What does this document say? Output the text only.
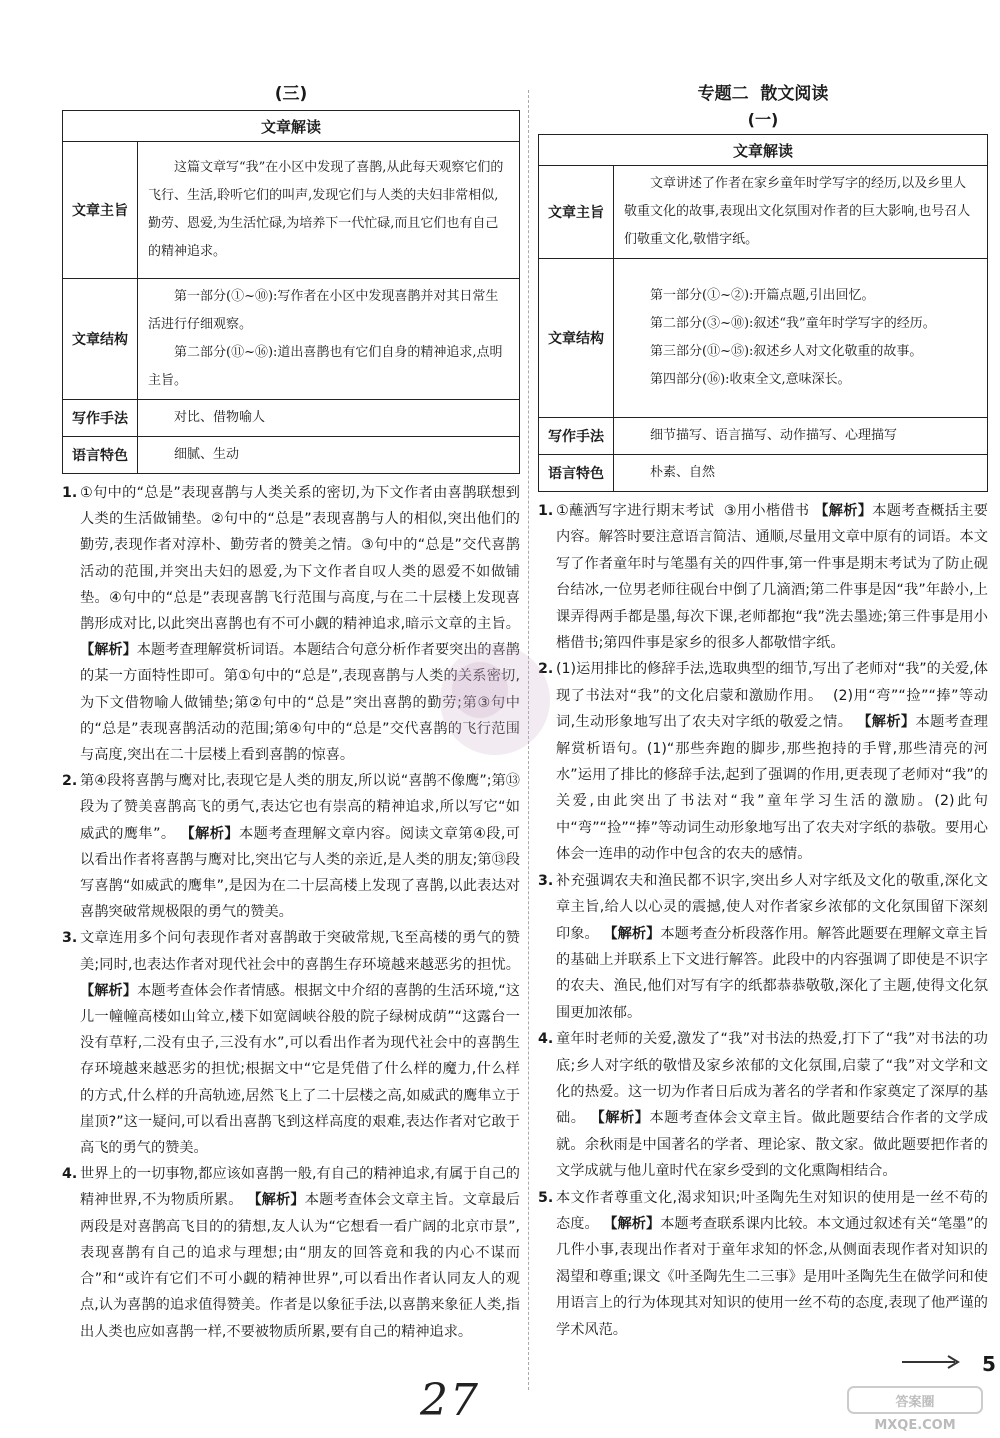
(三)
文章解读	
文章主旨	这篇文章写“我”在小区中发现了喜鹊,从此每天观察它们的飞行、生活,聆听它们的叫声,发现它们与人类的夫妇非常相似,勤劳、恩爱,为生活忙碌,为培养下一代忙碌,而且它们也有自己的精神追求。

文章结构	第一部分(①~⑩):写作者在小区中发现喜鹊并对其日常生活进行仔细观察。

第二部分(⑪~⑯):道出喜鹊也有它们自身的精神追求,点明主旨。

写作手法	对比、借物喻人

语言特色	细腻、生动

1. ①句中的“总是”表现喜鹊与人类关系的密切,为下文作者由喜鹊联想到人类的生活做铺垫。②句中的“总是”表现喜鹊与人的相似,突出他们的勤劳,表现作者对淳朴、勤劳者的赞美之情。③句中的“总是”交代喜鹊活动的范围,并突出夫妇的恩爱,为下文作者自叹人类的恩爱不如做铺垫。④句中的“总是”表现喜鹊飞行范围与高度,与在二十层楼上发现喜鹊形成对比,以此突出喜鹊也有不可小觑的精神追求,暗示文章的主旨。 【解析】本题考查理解赏析词语。本题结合句意分析作者要突出的喜鹊的某一方面特性即可。第①句中的“总是”,表现喜鹊与人类的关系密切,为下文借物喻人做铺垫;第②句中的“总是”突出喜鹊的勤劳;第③句中的“总是”表现喜鹊活动的范围;第④句中的“总是”交代喜鹊的飞行范围与高度,突出在二十层楼上看到喜鹊的惊喜。
2. 第④段将喜鹊与鹰对比,表现它是人类的朋友,所以说“喜鹊不像鹰”;第⑬段为了赞美喜鹊高飞的勇气,表达它也有崇高的精神追求,所以写它“如威武的鹰隼”。 【解析】本题考查理解文章内容。阅读文章第④段,可以看出作者将喜鹊与鹰对比,突出它与人类的亲近,是人类的朋友;第⑬段写喜鹊“如威武的鹰隼”,是因为在二十层高楼上发现了喜鹊,以此表达对喜鹊突破常规极限的勇气的赞美。
3. 文章连用多个问句表现作者对喜鹊敢于突破常规,飞至高楼的勇气的赞美;同时,也表达作者对现代社会中的喜鹊生存环境越来越恶劣的担忧。 【解析】本题考查体会作者情感。根据文中介绍的喜鹊的生活环境,“这儿一幢幢高楼如山耸立,楼下如宽阔峡谷般的院子绿树成荫”“这露台一没有草籽,二没有虫子,三没有水”,可以看出作者为现代社会中的喜鹊生存环境越来越恶劣的担忧;根据文中“它是凭借了什么样的魔力,什么样的方式,什么样的升高轨迹,居然飞上了二十层楼之高,如威武的鹰隼立于崖顶?”这一疑问,可以看出喜鹊飞到这样高度的艰难,表达作者对它敢于高飞的勇气的赞美。
4. 世界上的一切事物,都应该如喜鹊一般,有自己的精神追求,有属于自己的精神世界,不为物质所累。 【解析】本题考查体会文章主旨。文章最后两段是对喜鹊高飞目的的猜想,友人认为“它想看一看广阔的北京市景”,表现喜鹊有自己的追求与理想;由“朋友的回答竟和我的内心不谋而合”和“或许有它们不可小觑的精神世界”,可以看出作者认同友人的观点,认为喜鹊的追求值得赞美。作者是以象征手法,以喜鹊来象征人类,指出人类也应如喜鹊一样,不要被物质所累,要有自己的精神追求。
专题二  散文阅读
(一)
文章解读	
文章主旨	文章讲述了作者在家乡童年时学写字的经历,以及乡里人敬重文化的故事,表现出文化氛围对作者的巨大影响,也号召人们敬重文化,敬惜字纸。

文章结构	第一部分(①~②):开篇点题,引出回忆。

第二部分(③~⑩):叙述“我”童年时学写字的经历。

第三部分(⑪~⑮):叙述乡人对文化敬重的故事。

第四部分(⑯):收束全文,意味深长。

写作手法	细节描写、语言描写、动作描写、心理描写

语言特色	朴素、自然

1. ①蘸洒写字进行期末考试  ③用小楷借书 【解析】本题考查概括主要内容。解答时要注意语言简洁、通顺,尽量用文章中原有的词语。本文写了作者童年时与笔墨有关的四件事,第一件事是期末考试为了防止砚台结冰,一位男老师往砚台中倒了几滴酒;第二件事是因“我”年龄小,上课弄得两手都是墨,每次下课,老师都抱“我”洗去墨迹;第三件事是用小楷借书;第四件事是家乡的很多人都敬惜字纸。
2. (1)运用排比的修辞手法,选取典型的细节,写出了老师对“我”的关爱,体现了书法对“我”的文化启蒙和激励作用。  (2)用“弯”“捡”“捧”等动词,生动形象地写出了农夫对字纸的敬爱之情。 【解析】本题考查理解赏析语句。(1)“那些奔跑的脚步,那些抱持的手臂,那些清亮的河水”运用了排比的修辞手法,起到了强调的作用,更表现了老师对“我”的关爱,由此突出了书法对“我”童年学习生活的激励。(2)此句中“弯”“捡”“捧”等动词生动形象地写出了农夫对字纸的恭敬。要用心体会一连串的动作中包含的农夫的感情。
3. 补充强调农夫和渔民都不识字,突出乡人对字纸及文化的敬重,深化文章主旨,给人以心灵的震撼,使人对作者家乡浓郁的文化氛围留下深刻印象。 【解析】本题考查分析段落作用。解答此题要在理解文章主旨的基础上并联系上下文进行解答。此段中的内容强调了即使是不识字的农夫、渔民,他们对写有字的纸都恭恭敬敬,深化了主题,使得文化氛围更加浓郁。
4. 童年时老师的关爱,激发了“我”对书法的热爱,打下了“我”对书法的功底;乡人对字纸的敬惜及家乡浓郁的文化氛围,启蒙了“我”对文学和文化的热爱。这一切为作者日后成为著名的学者和作家奠定了深厚的基础。 【解析】本题考查体会文章主旨。做此题要结合作者的文学成就。余秋雨是中国著名的学者、理论家、散文家。做此题要把作者的文学成就与他儿童时代在家乡受到的文化熏陶相结合。
5. 本文作者尊重文化,渴求知识;叶圣陶先生对知识的使用是一丝不苟的态度。 【解析】本题考查联系课内比较。本文通过叙述有关“笔墨”的几件小事,表现出作者对于童年求知的怀念,从侧面表现作者对知识的渴望和尊重;课文《叶圣陶先生二三事》是用叶圣陶先生在做学问和使用语言上的行为体现其对知识的使用一丝不苟的态度,表现了他严谨的学术风范。
5
27	答案圈
MXQE.COM
